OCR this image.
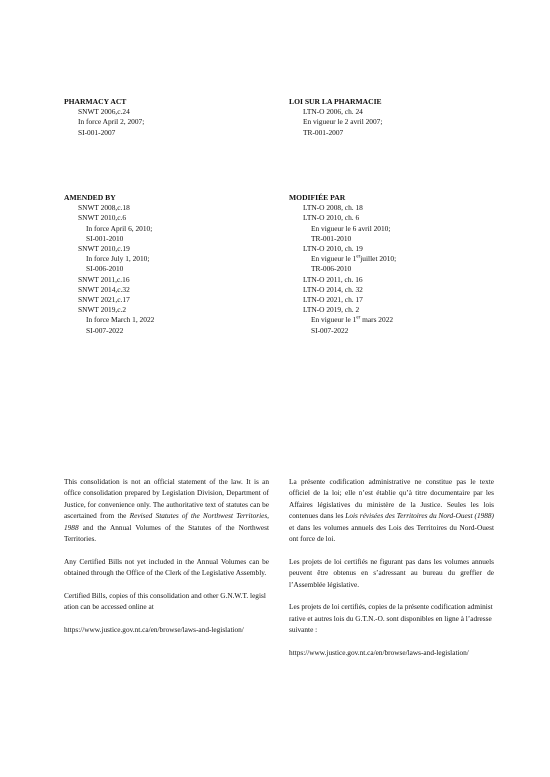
PHARMACY ACT
SNWT 2006,c.24
In force April 2, 2007;
SI-001-2007
LOI SUR LA PHARMACIE
LTN-O 2006, ch. 24
En vigueur le 2 avril 2007;
TR-001-2007
AMENDED BY
SNWT 2008,c.18
SNWT 2010,c.6
In force April 6, 2010;
SI-001-2010
SNWT 2010,c.19
In force July 1, 2010;
SI-006-2010
SNWT 2011,c.16
SNWT 2014,c.32
SNWT 2021,c.17
SNWT 2019,c.2
In force March 1, 2022
SI-007-2022
MODIFIÉE PAR
LTN-O 2008, ch. 18
LTN-O 2010, ch. 6
En vigueur le 6 avril 2010;
TR-001-2010
LTN-O 2010, ch. 19
En vigueur le 1erjuillet 2010;
TR-006-2010
LTN-O 2011, ch. 16
LTN-O 2014, ch. 32
LTN-O 2021, ch. 17
LTN-O 2019, ch. 2
En vigueur le 1er mars 2022
SI-007-2022

This consolidation is not an official statement of the law. It is an office consolidation prepared by Legislation Division, Department of Justice, for convenience only. The authoritative text of statutes can be ascertained from the Revised Statutes of the Northwest Territories, 1988 and the Annual Volumes of the Statutes of the Northwest Territories.

Any Certified Bills not yet included in the Annual Volumes can be obtained through the Office of the Clerk of the Legislative Assembly.

Certified Bills, copies of this consolidation and other G.N.W.T. legislation can be accessed online at

https://www.justice.gov.nt.ca/en/browse/laws-and-legislation/

La présente codification administrative ne constitue pas le texte officiel de la loi; elle n’est établie qu’à titre documentaire par les Affaires législatives du ministère de la Justice. Seules les lois contenues dans les Lois révisées des Territoires du Nord-Ouest (1988) et dans les volumes annuels des Lois des Territoires du Nord-Ouest ont force de loi.

Les projets de loi certifiés ne figurant pas dans les volumes annuels peuvent être obtenus en s’adressant au bureau du greffier de l’Assemblée législative.

Les projets de loi certifiés, copies de la présente codification administrative et autres lois du G.T.N.-O. sont disponibles en ligne à l’adresse suivante :

https://www.justice.gov.nt.ca/en/browse/laws-and-legislation/
